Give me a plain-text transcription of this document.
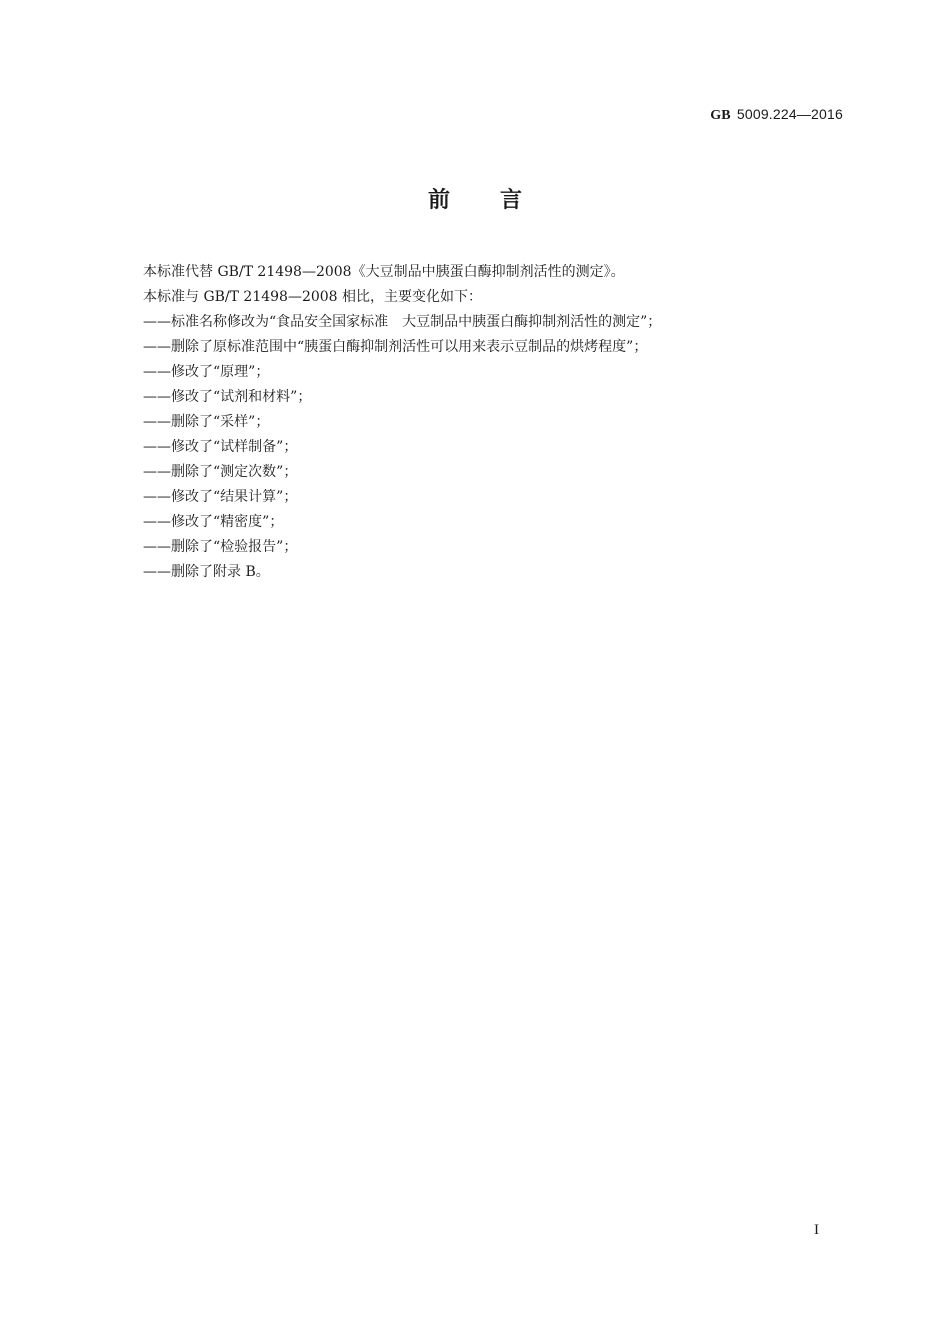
GB 5009.224—2016
前言
本标准代替 GB/T 21498—2008《大豆制品中胰蛋白酶抑制剂活性的测定》。
本标准与 GB/T 21498—2008 相比，主要变化如下：
——标准名称修改为“食品安全国家标准　大豆制品中胰蛋白酶抑制剂活性的测定”；
——删除了原标准范围中“胰蛋白酶抑制剂活性可以用来表示豆制品的烘烤程度”；
——修改了“原理”；
——修改了“试剂和材料”；
——删除了“采样”；
——修改了“试样制备”；
——删除了“测定次数”；
——修改了“结果计算”；
——修改了“精密度”；
——删除了“检验报告”；
——删除了附录 B。
I
